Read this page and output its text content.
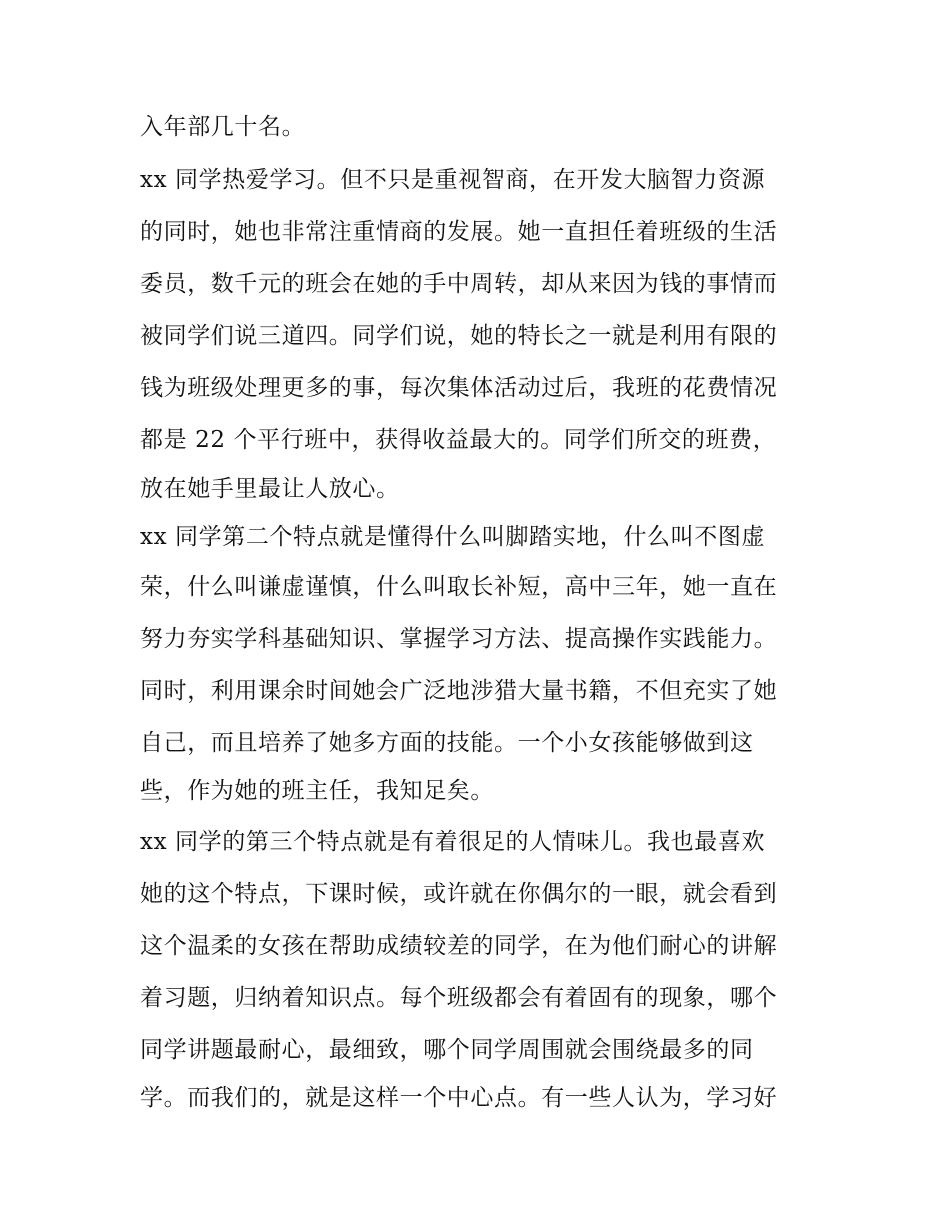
入年部几十名。
xx 同学热爱学习。但不只是重视智商，在开发大脑智力资源
的同时，她也非常注重情商的发展。她一直担任着班级的生活
委员，数千元的班会在她的手中周转，却从来因为钱的事情而
被同学们说三道四。同学们说，她的特长之一就是利用有限的
钱为班级处理更多的事，每次集体活动过后，我班的花费情况
都是 22 个平行班中，获得收益最大的。同学们所交的班费，
放在她手里最让人放心。
xx 同学第二个特点就是懂得什么叫脚踏实地，什么叫不图虚
荣，什么叫谦虚谨慎，什么叫取长补短，高中三年，她一直在
努力夯实学科基础知识、掌握学习方法、提高操作实践能力。
同时，利用课余时间她会广泛地涉猎大量书籍，不但充实了她
自己，而且培养了她多方面的技能。一个小女孩能够做到这
些，作为她的班主任，我知足矣。
xx 同学的第三个特点就是有着很足的人情味儿。我也最喜欢
她的这个特点，下课时候，或许就在你偶尔的一眼，就会看到
这个温柔的女孩在帮助成绩较差的同学，在为他们耐心的讲解
着习题，归纳着知识点。每个班级都会有着固有的现象，哪个
同学讲题最耐心，最细致，哪个同学周围就会围绕最多的同
学。而我们的，就是这样一个中心点。有一些人认为，学习好
